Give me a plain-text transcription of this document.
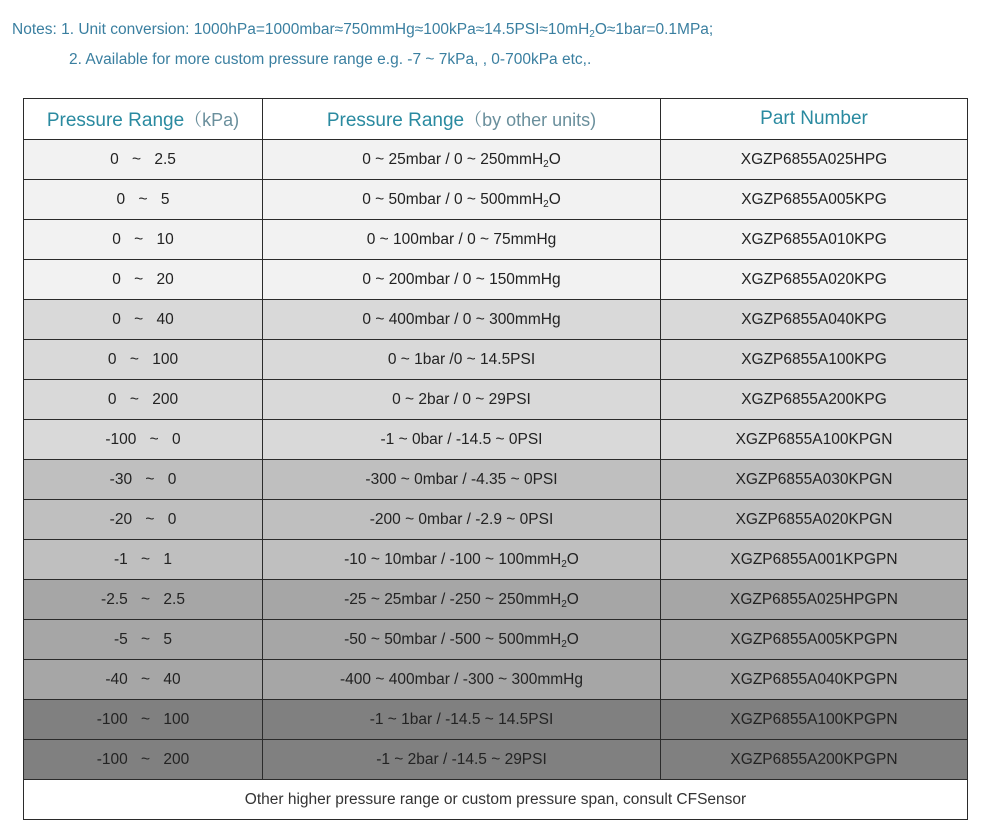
Notes: 1. Unit conversion: $1000hPa=1000mbar\approx 750mmHg\approx 100kPa\approx 14.5PSI\approx 10mH_2O\approx 1bar=0.1MPa$;
2. Available for more custom pressure range e.g. -7 ~ 7kPa, , 0-700kPa etc,.
Pressure Range（kPa)	Pressure Range（by other units)	Part Number
0 ~ 2.5	0 ~ 25mbar / 0 ~ 250mmH$_2$O	XGZP6855A025HPG
0 ~ 5	0 ~ 50mbar / 0 ~ 500mmH$_2$O	XGZP6855A005KPG
0 ~ 10	0 ~ 100mbar / 0 ~ 75mmHg	XGZP6855A010KPG
0 ~ 20	0 ~ 200mbar / 0 ~ 150mmHg	XGZP6855A020KPG
0 ~ 40	0 ~ 400mbar / 0 ~ 300mmHg	XGZP6855A040KPG
0 ~ 100	0 ~ 1bar /0 ~ 14.5PSI	XGZP6855A100KPG
0 ~ 200	0 ~ 2bar / 0 ~ 29PSI	XGZP6855A200KPG
-100 ~ 0	-1 ~ 0bar / -14.5 ~ 0PSI	XGZP6855A100KPGN
-30 ~ 0	-300 ~ 0mbar / -4.35 ~ 0PSI	XGZP6855A030KPGN
-20 ~ 0	-200 ~ 0mbar / -2.9 ~ 0PSI	XGZP6855A020KPGN
-1 ~ 1	-10 ~ 10mbar / -100 ~ 100mmH$_2$O	XGZP6855A001KPGPN
-2.5 ~ 2.5	-25 ~ 25mbar / -250 ~ 250mmH$_2$O	XGZP6855A025HPGPN
-5 ~ 5	-50 ~ 50mbar / -500 ~ 500mmH$_2$O	XGZP6855A005KPGPN
-40 ~ 40	-400 ~ 400mbar / -300 ~ 300mmHg	XGZP6855A040KPGPN
-100 ~ 100	-1 ~ 1bar / -14.5 ~ 14.5PSI	XGZP6855A100KPGPN
-100 ~ 200	-1 ~ 2bar / -14.5 ~ 29PSI	XGZP6855A200KPGPN
Other higher pressure range or custom pressure span, consult CFSensor		
